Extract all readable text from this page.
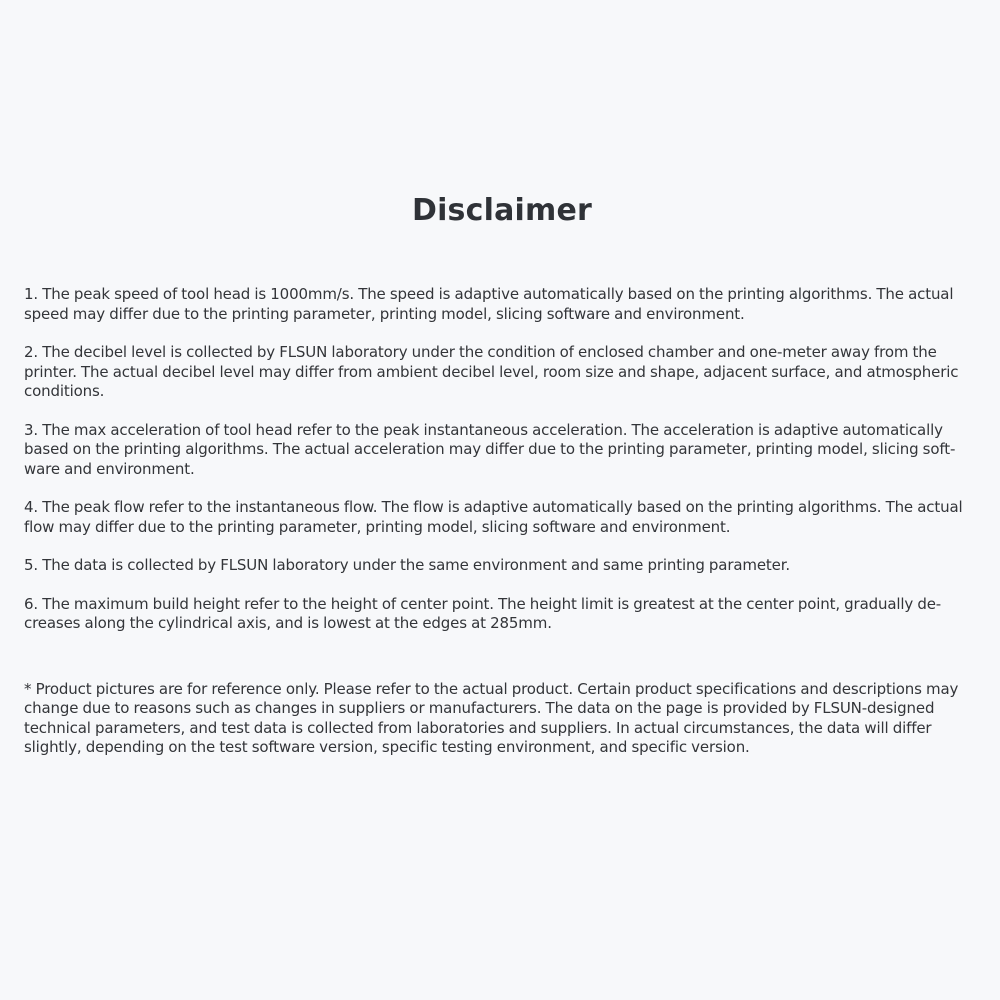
Disclaimer

1. The peak speed of tool head is 1000mm/s. The speed is adaptive automatically based on the printing algorithms. The actual speed may differ due to the printing parameter, printing model, slicing software and environment.

2. The decibel level is collected by FLSUN laboratory under the condition of enclosed chamber and one-meter away from the printer. The actual decibel level may differ from ambient decibel level, room size and shape, adjacent surface, and atmospheric conditions.

3. The max acceleration of tool head refer to the peak instantaneous acceleration. The acceleration is adaptive automatically based on the printing algorithms. The actual acceleration may differ due to the printing parameter, printing model, slicing soft-ware and environment.

4. The peak flow refer to the instantaneous flow. The flow is adaptive automatically based on the printing algorithms. The actual flow may differ due to the printing parameter, printing model, slicing software and environment.

5. The data is collected by FLSUN laboratory under the same environment and same printing parameter.

6. The maximum build height refer to the height of center point. The height limit is greatest at the center point, gradually de-creases along the cylindrical axis, and is lowest at the edges at 285mm.

* Product pictures are for reference only. Please refer to the actual product. Certain product specifications and descriptions may change due to reasons such as changes in suppliers or manufacturers. The data on the page is provided by FLSUN-designed technical parameters, and test data is collected from laboratories and suppliers. In actual circumstances, the data will differ slightly, depending on the test software version, specific testing environment, and specific version.
